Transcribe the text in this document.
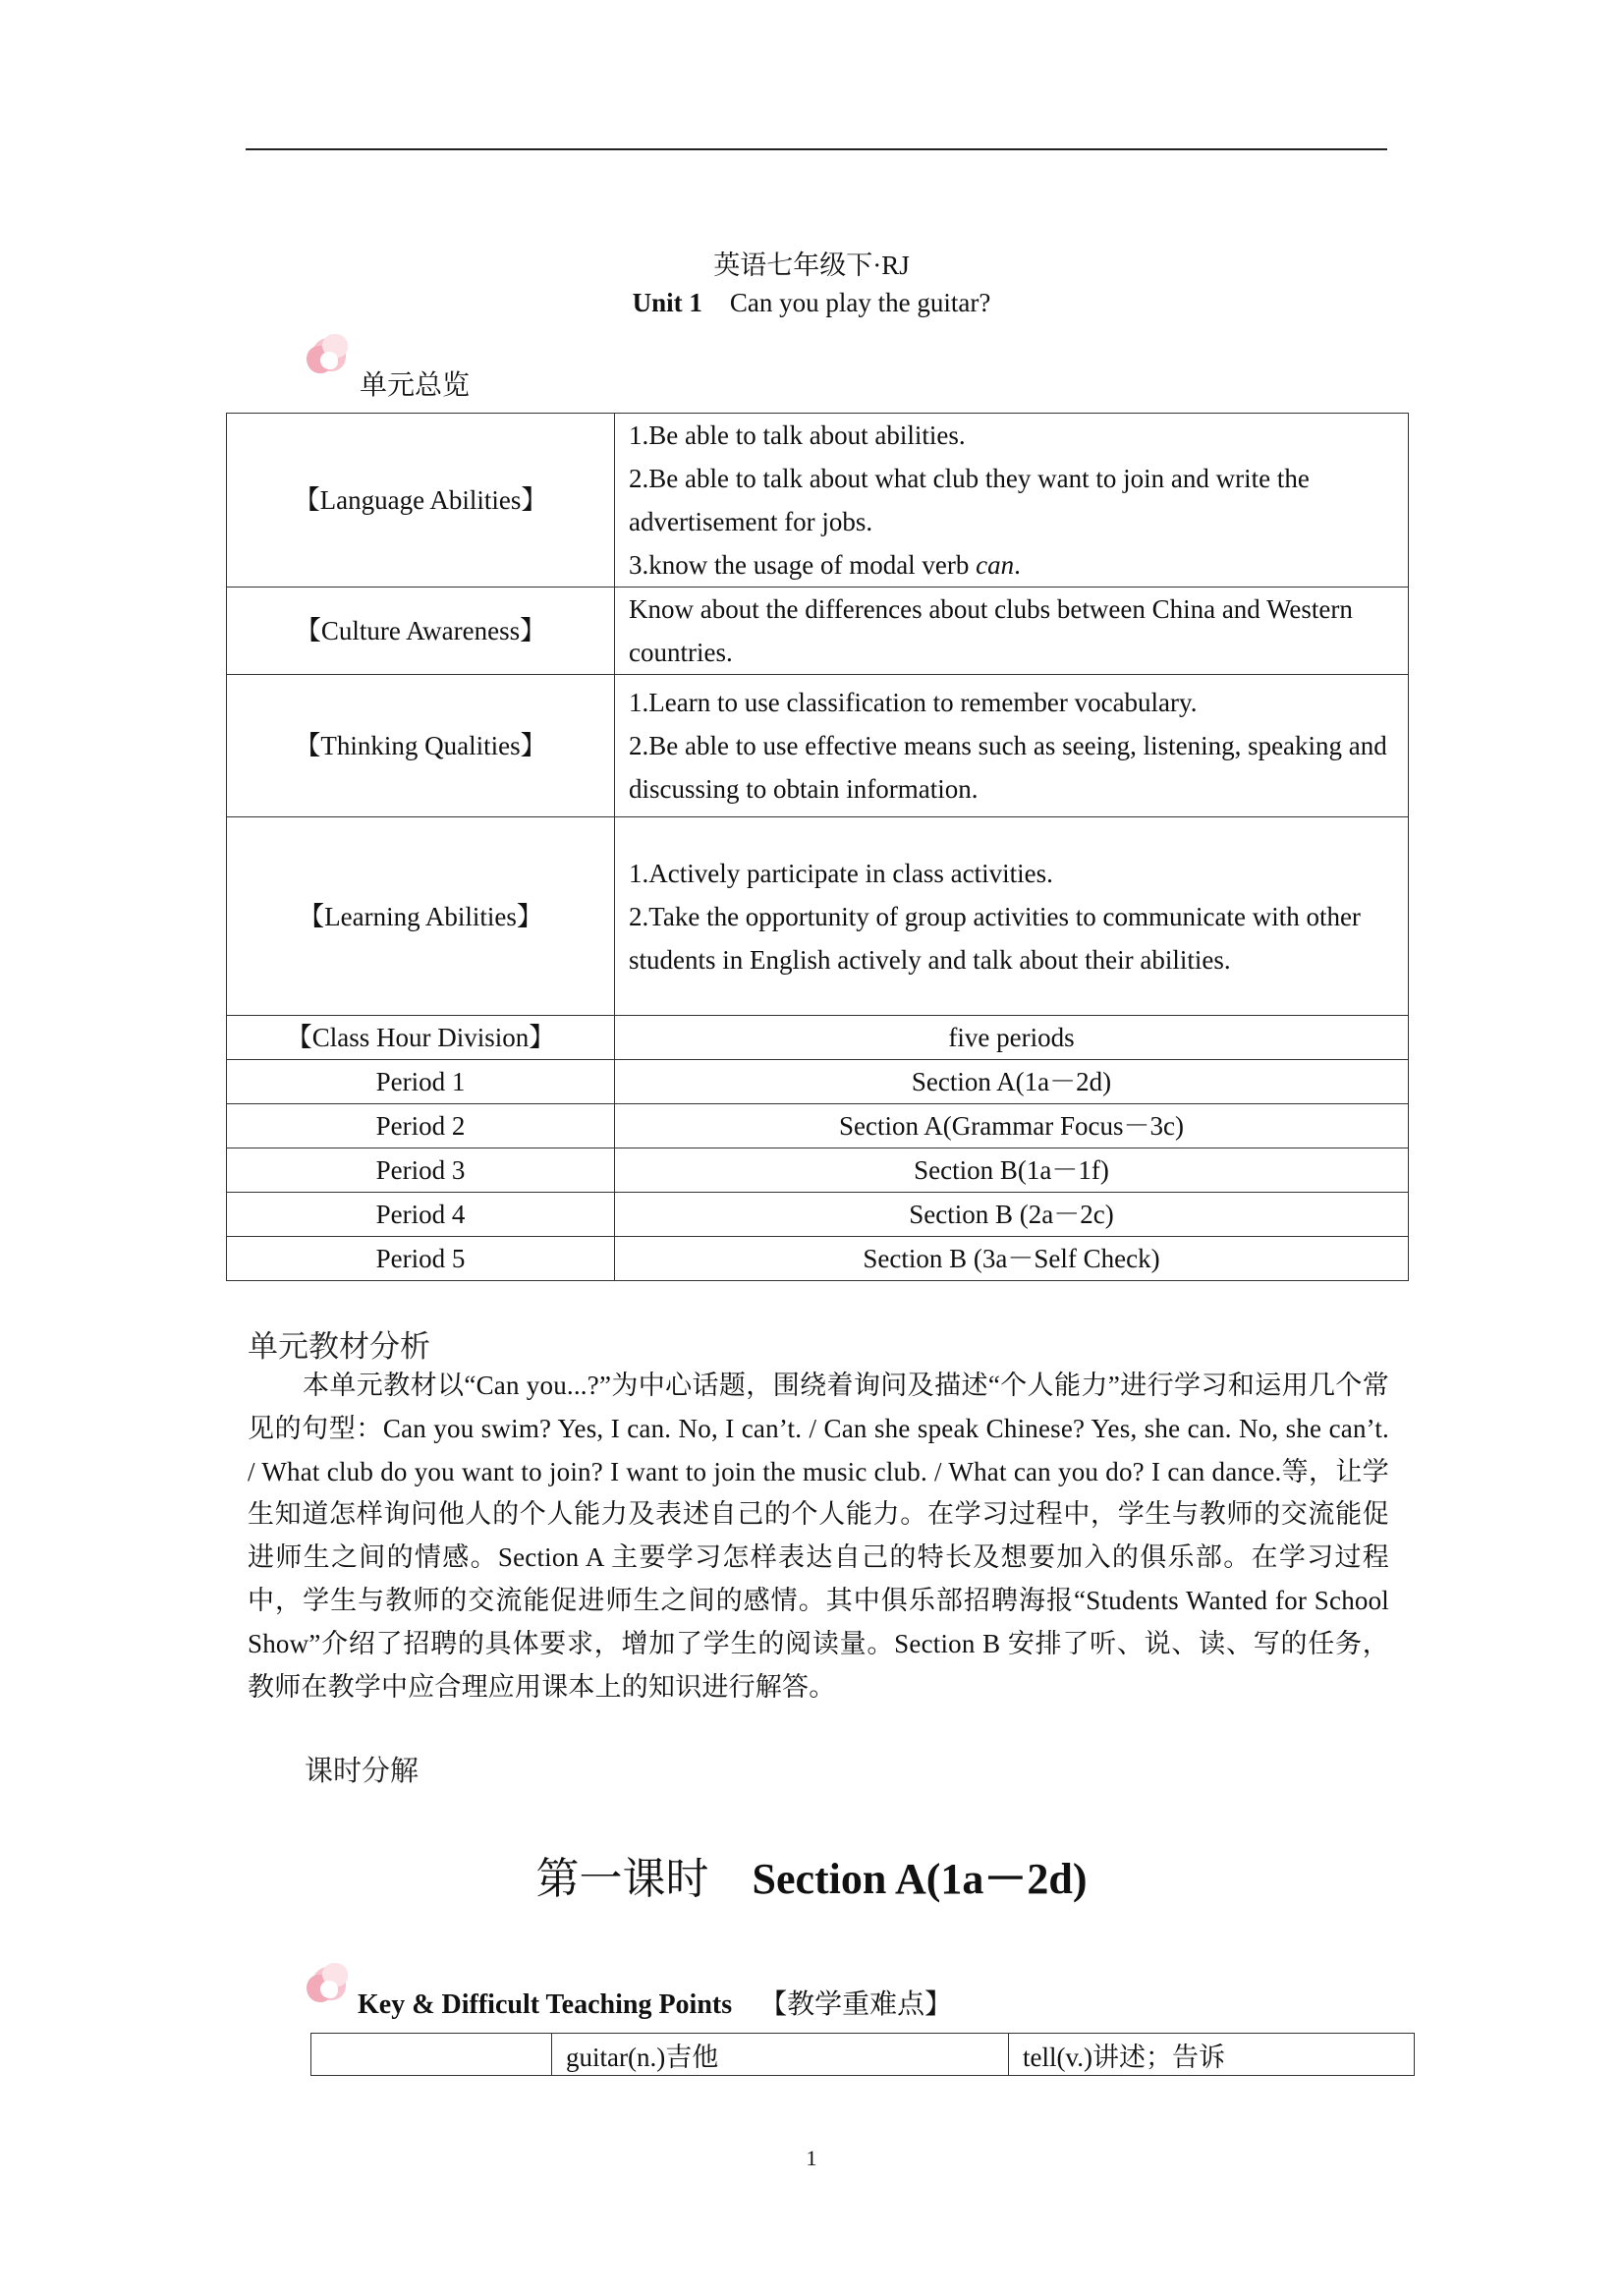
英语七年级下·RJ
Unit 1 Can you play the guitar?
单元总览
【Language Abilities】	1.Be able to talk about abilities.
2.Be able to talk about what club they want to join and write the advertisement for jobs.
3.know the usage of modal verb can.

【Culture Awareness】	Know about the differences about clubs between China and Western countries.
【Thinking Qualities】	1.Learn to use classification to remember vocabulary.
2.Be able to use effective means such as seeing, listening, speaking and discussing to obtain information.

【Learning Abilities】	1.Actively participate in class activities.
2.Take the opportunity of group activities to communicate with other students in English actively and talk about their abilities.

【Class Hour Division】	five periods
Period 1	Section A(1a－2d)
Period 2	Section A(Grammar Focus－3c)
Period 3	Section B(1a－1f)
Period 4	Section B (2a－2c)
Period 5	Section B (3a－Self Check)
单元教材分析
本单元教材以“Can you...?”为中心话题，围绕着询问及描述“个人能力”进行学习和运用几个常见的句型：Can you swim? Yes, I can. No, I can’t. / Can she speak Chinese? Yes, she can. No, she can’t. / What club do you want to join? I want to join the music club. / What can you do? I can dance.等，让学生知道怎样询问他人的个人能力及表述自己的个人能力。在学习过程中，学生与教师的交流能促进师生之间的情感。Section A 主要学习怎样表达自己的特长及想要加入的俱乐部。在学习过程中，学生与教师的交流能促进师生之间的感情。其中俱乐部招聘海报“Students Wanted for School Show”介绍了招聘的具体要求，增加了学生的阅读量。Section B 安排了听、说、读、写的任务，教师在教学中应合理应用课本上的知识进行解答。
课时分解
第一课时 Section A(1a－2d)
Key & Difficult Teaching Points 【教学重难点】
	guitar(n.)吉他	tell(v.)讲述；告诉
1
